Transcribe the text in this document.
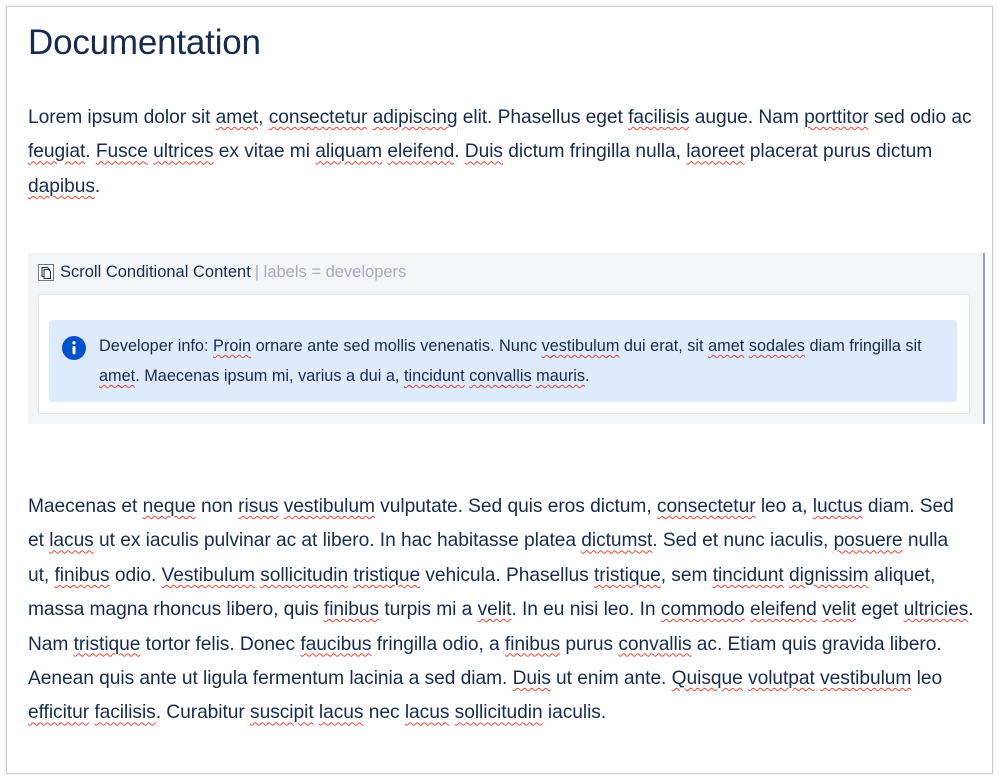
Documentation

Lorem ipsum dolor sit amet, consectetur adipiscing elit. Phasellus eget facilisis augue. Nam porttitor sed odio ac feugiat. Fusce ultrices ex vitae mi aliquam eleifend. Duis dictum fringilla nulla, laoreet placerat purus dictum dapibus.

Maecenas et neque non risus vestibulum vulputate. Sed quis eros dictum, consectetur leo a, luctus diam. Sed et lacus ut ex iaculis pulvinar ac at libero. In hac habitasse platea dictumst. Sed et nunc iaculis, posuere nulla ut, finibus odio. Vestibulum sollicitudin tristique vehicula. Phasellus tristique, sem tincidunt dignissim aliquet, massa magna rhoncus libero, quis finibus turpis mi a velit. In eu nisi leo. In commodo eleifend velit eget ultricies. Nam tristique tortor felis. Donec faucibus fringilla odio, a finibus purus convallis ac. Etiam quis gravida libero. Aenean quis ante ut ligula fermentum lacinia a sed diam. Duis ut enim ante. Quisque volutpat vestibulum leo efficitur facilisis. Curabitur suscipit lacus nec lacus sollicitudin iaculis.

Scroll Conditional Content | labels = developers

Developer info: Proin ornare ante sed mollis venenatis. Nunc vestibulum dui erat, sit amet sodales diam fringilla sit amet. Maecenas ipsum mi, varius a dui a, tincidunt convallis mauris.
